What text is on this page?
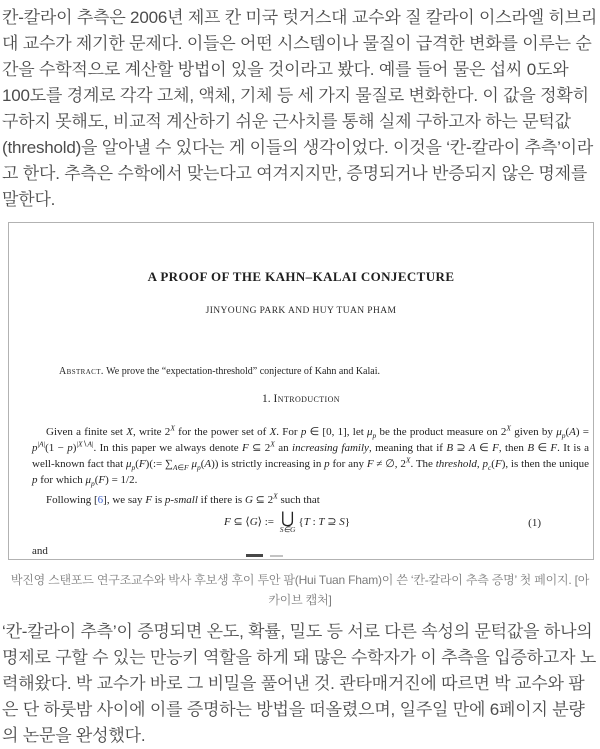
칸-칼라이 추측은 2006년 제프 칸 미국 럿거스대 교수와 질 칼라이 이스라엘 히브리대 교수가 제기한 문제다. 이들은 어떤 시스템이나 물질이 급격한 변화를 이루는 순간을 수학적으로 계산할 방법이 있을 것이라고 봤다. 예를 들어 물은 섭씨 0도와 100도를 경계로 각각 고체, 액체, 기체 등 세 가지 물질로 변화한다. 이 값을 정확히 구하지 못해도, 비교적 계산하기 쉬운 근사치를 통해 실제 구하고자 하는 문턱값(threshold)을 알아낼 수 있다는 게 이들의 생각이었다. 이것을 ‘칸-칼라이 추측’이라고 한다. 추측은 수학에서 맞는다고 여겨지지만, 증명되거나 반증되지 않은 명제를 말한다.

A PROOF OF THE KAHN–KALAI CONJECTURE
JINYOUNG PARK AND HUY TUAN PHAM
Abstract. We prove the “expectation-threshold” conjecture of Kahn and Kalai.
1. Introduction
Given a finite set X, write $2^X$ for the power set of X. For p ∈ [0, 1], let $\mu_p$ be the product measure on $2^X$ given by $\mu_p(A) = p^{|A|}(1 - p)^{|X∖A|}$. In this paper we always denote F ⊆ $2^X$ an increasing family, meaning that if B ⊇ A ∈ F, then B ∈ F. It is a well-known fact that $\mu_p(F)(:= \sum_{A\in F}$ $\mu_p(A)$) is strictly increasing in p for any F ≠ ∅, $2^X$. The threshold, $p_c(F)$, is then the unique p for which $\mu_p(F) = 1/2$.
Following [6], we say F is p-small if there is G ⊆ $2^X$ such that
F ⊆ ⟨G⟩ := ⋃
S∈G
{T : T ⊇ S}	(1)
and
박진영 스탠포드 연구조교수와 박사 후보생 후이 투안 팜(Hui Tuan Fham)이 쓴 ‘칸-칼라이 추측 증명’ 첫 페이지. [아카이브 캡처]

‘칸-칼라이 추측’이 증명되면 온도, 확률, 밀도 등 서로 다른 속성의 문턱값을 하나의 명제로 구할 수 있는 만능키 역할을 하게 돼 많은 수학자가 이 추측을 입증하고자 노력해왔다. 박 교수가 바로 그 비밀을 풀어낸 것. 콴타매거진에 따르면 박 교수와 팜은 단 하룻밤 사이에 이를 증명하는 방법을 떠올렸으며, 일주일 만에 6페이지 분량의 논문을 완성했다.
